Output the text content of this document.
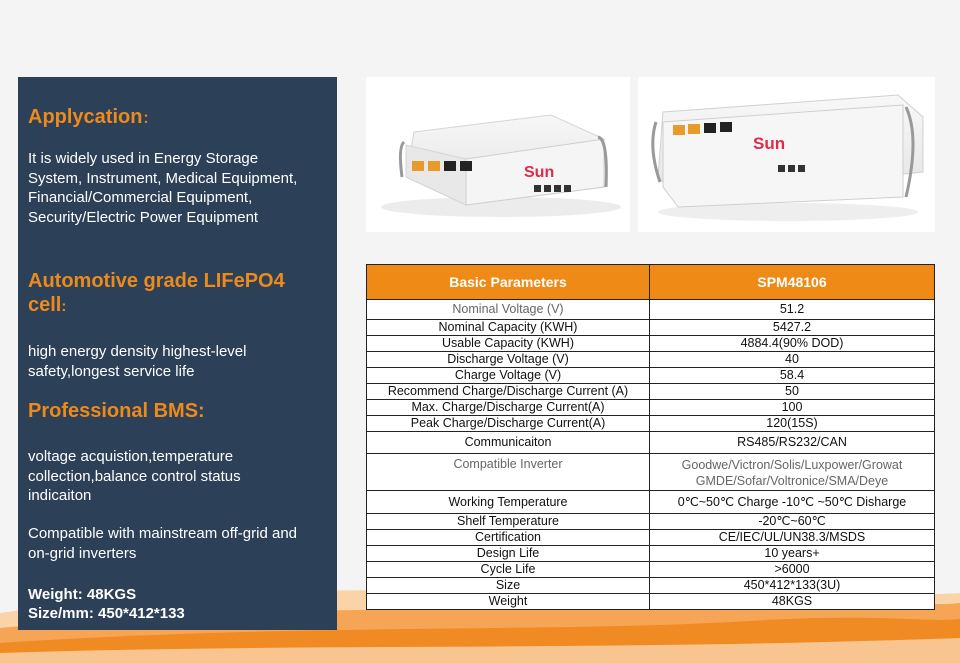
Applycation：
It is widely used in Energy Storage
System, Instrument, Medical Equipment,
Financial/Commercial Equipment,
Security/Electric Power Equipment
Automotive grade LIFePO4
cell:
high energy density highest-level
safety,longest service life
Professional BMS:
voltage acquistion,temperature
collection,balance control status
indicaiton
Compatible with mainstream off-grid and
on-grid inverters
Weight: 48KGS
Size/mm: 450*412*133
Sun
Sun
Basic Parameters	SPM48106
Nominal Voltage (V)	51.2
Nominal Capacity (KWH)	5427.2
Usable Capacity (KWH)	4884.4(90% DOD)
Discharge Voltage (V)	40
Charge Voltage (V)	58.4
Recommend Charge/Discharge Current (A)	50
Max. Charge/Discharge Current(A)	100
Peak Charge/Discharge Current(A)	120(15S)
Communicaiton	RS485/RS232/CAN
Compatible Inverter	Goodwe/Victron/Solis/Luxpower/Growat GMDE/Sofar/Voltronice/SMA/Deye
Working Temperature	0℃~50℃ Charge -10℃ ~50℃ Disharge
Shelf Temperature	-20℃~60℃
Certification	CE/IEC/UL/UN38.3/MSDS
Design Life	10 years+
Cycle Life	>6000
Size	450*412*133(3U)
Weight	48KGS
